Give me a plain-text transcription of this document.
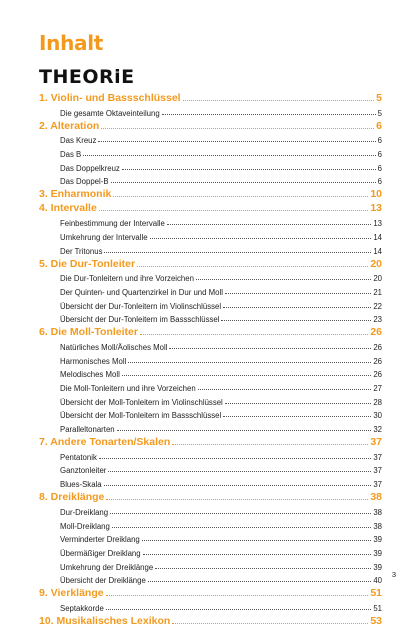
Inhalt
THEORiE
1. Violin- und Bassschlüssel	5
Die gesamte Oktaveinteilung	5
2. Alteration	6
Das Kreuz	6
Das B	6
Das Doppelkreuz	6
Das Doppel-B	6
3. Enharmonik	10
4. Intervalle	13
Feinbestimmung der Intervalle	13
Umkehrung der Intervalle	14
Der Tritonus	14
5. Die Dur-Tonleiter	20
Die Dur-Tonleitern und ihre Vorzeichen	20
Der Quinten- und Quartenzirkel in Dur und Moll	21
Übersicht der Dur-Tonleitern im Violinschlüssel	22
Übersicht der Dur-Tonleitern im Bassschlüssel	23
6. Die Moll-Tonleiter	26
Natürliches Moll/Äolisches Moll	26
Harmonisches Moll	26
Melodisches Moll	26
Die Moll-Tonleitern und ihre Vorzeichen	27
Übersicht der Moll-Tonleitern im Violinschlüssel	28
Übersicht der Moll-Tonleitern im Bassschlüssel	30
Paralleltonarten	32
7. Andere Tonarten/Skalen	37
Pentatonik	37
Ganztonleiter	37
Blues-Skala	37
8. Dreiklänge	38
Dur-Dreiklang	38
Moll-Dreiklang	38
Verminderter Dreiklang	39
Übermäßiger Dreiklang	39
Umkehrung der Dreiklänge	39
Übersicht der Dreiklänge	40
9. Vierklänge	51
Septakkorde	51
10. Musikalisches Lexikon	53
3
